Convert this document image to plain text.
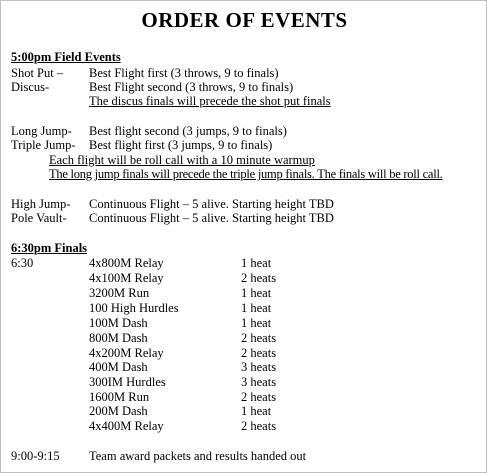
ORDER OF EVENTS
5:00pm Field Events
Shot Put – Best Flight first (3 throws, 9 to finals)
Discus-	Best Flight second (3 throws, 9 to finals)
The discus finals will precede the shot put finals
Long Jump- Best flight second (3 jumps, 9 to finals)
Triple Jump- Best flight first (3 jumps, 9 to finals)
Each flight will be roll call with a 10 minute warmup
The long jump finals will precede the triple jump finals. The finals will be roll call.
High Jump- Continuous Flight – 5 alive. Starting height TBD
Pole Vault- Continuous Flight – 5 alive. Starting height TBD
6:30pm Finals
6:30	4x800M Relay	1 heat
4x100M Relay	2 heats
3200M Run	1 heat
100 High Hurdles	1 heat
100M Dash	1 heat
800M Dash	2 heats
4x200M Relay	2 heats
400M Dash	3 heats
300IM Hurdles	3 heats
1600M Run	2 heats
200M Dash	1 heat
4x400M Relay	2 heats
9:00-9:15 Team award packets and results handed out
